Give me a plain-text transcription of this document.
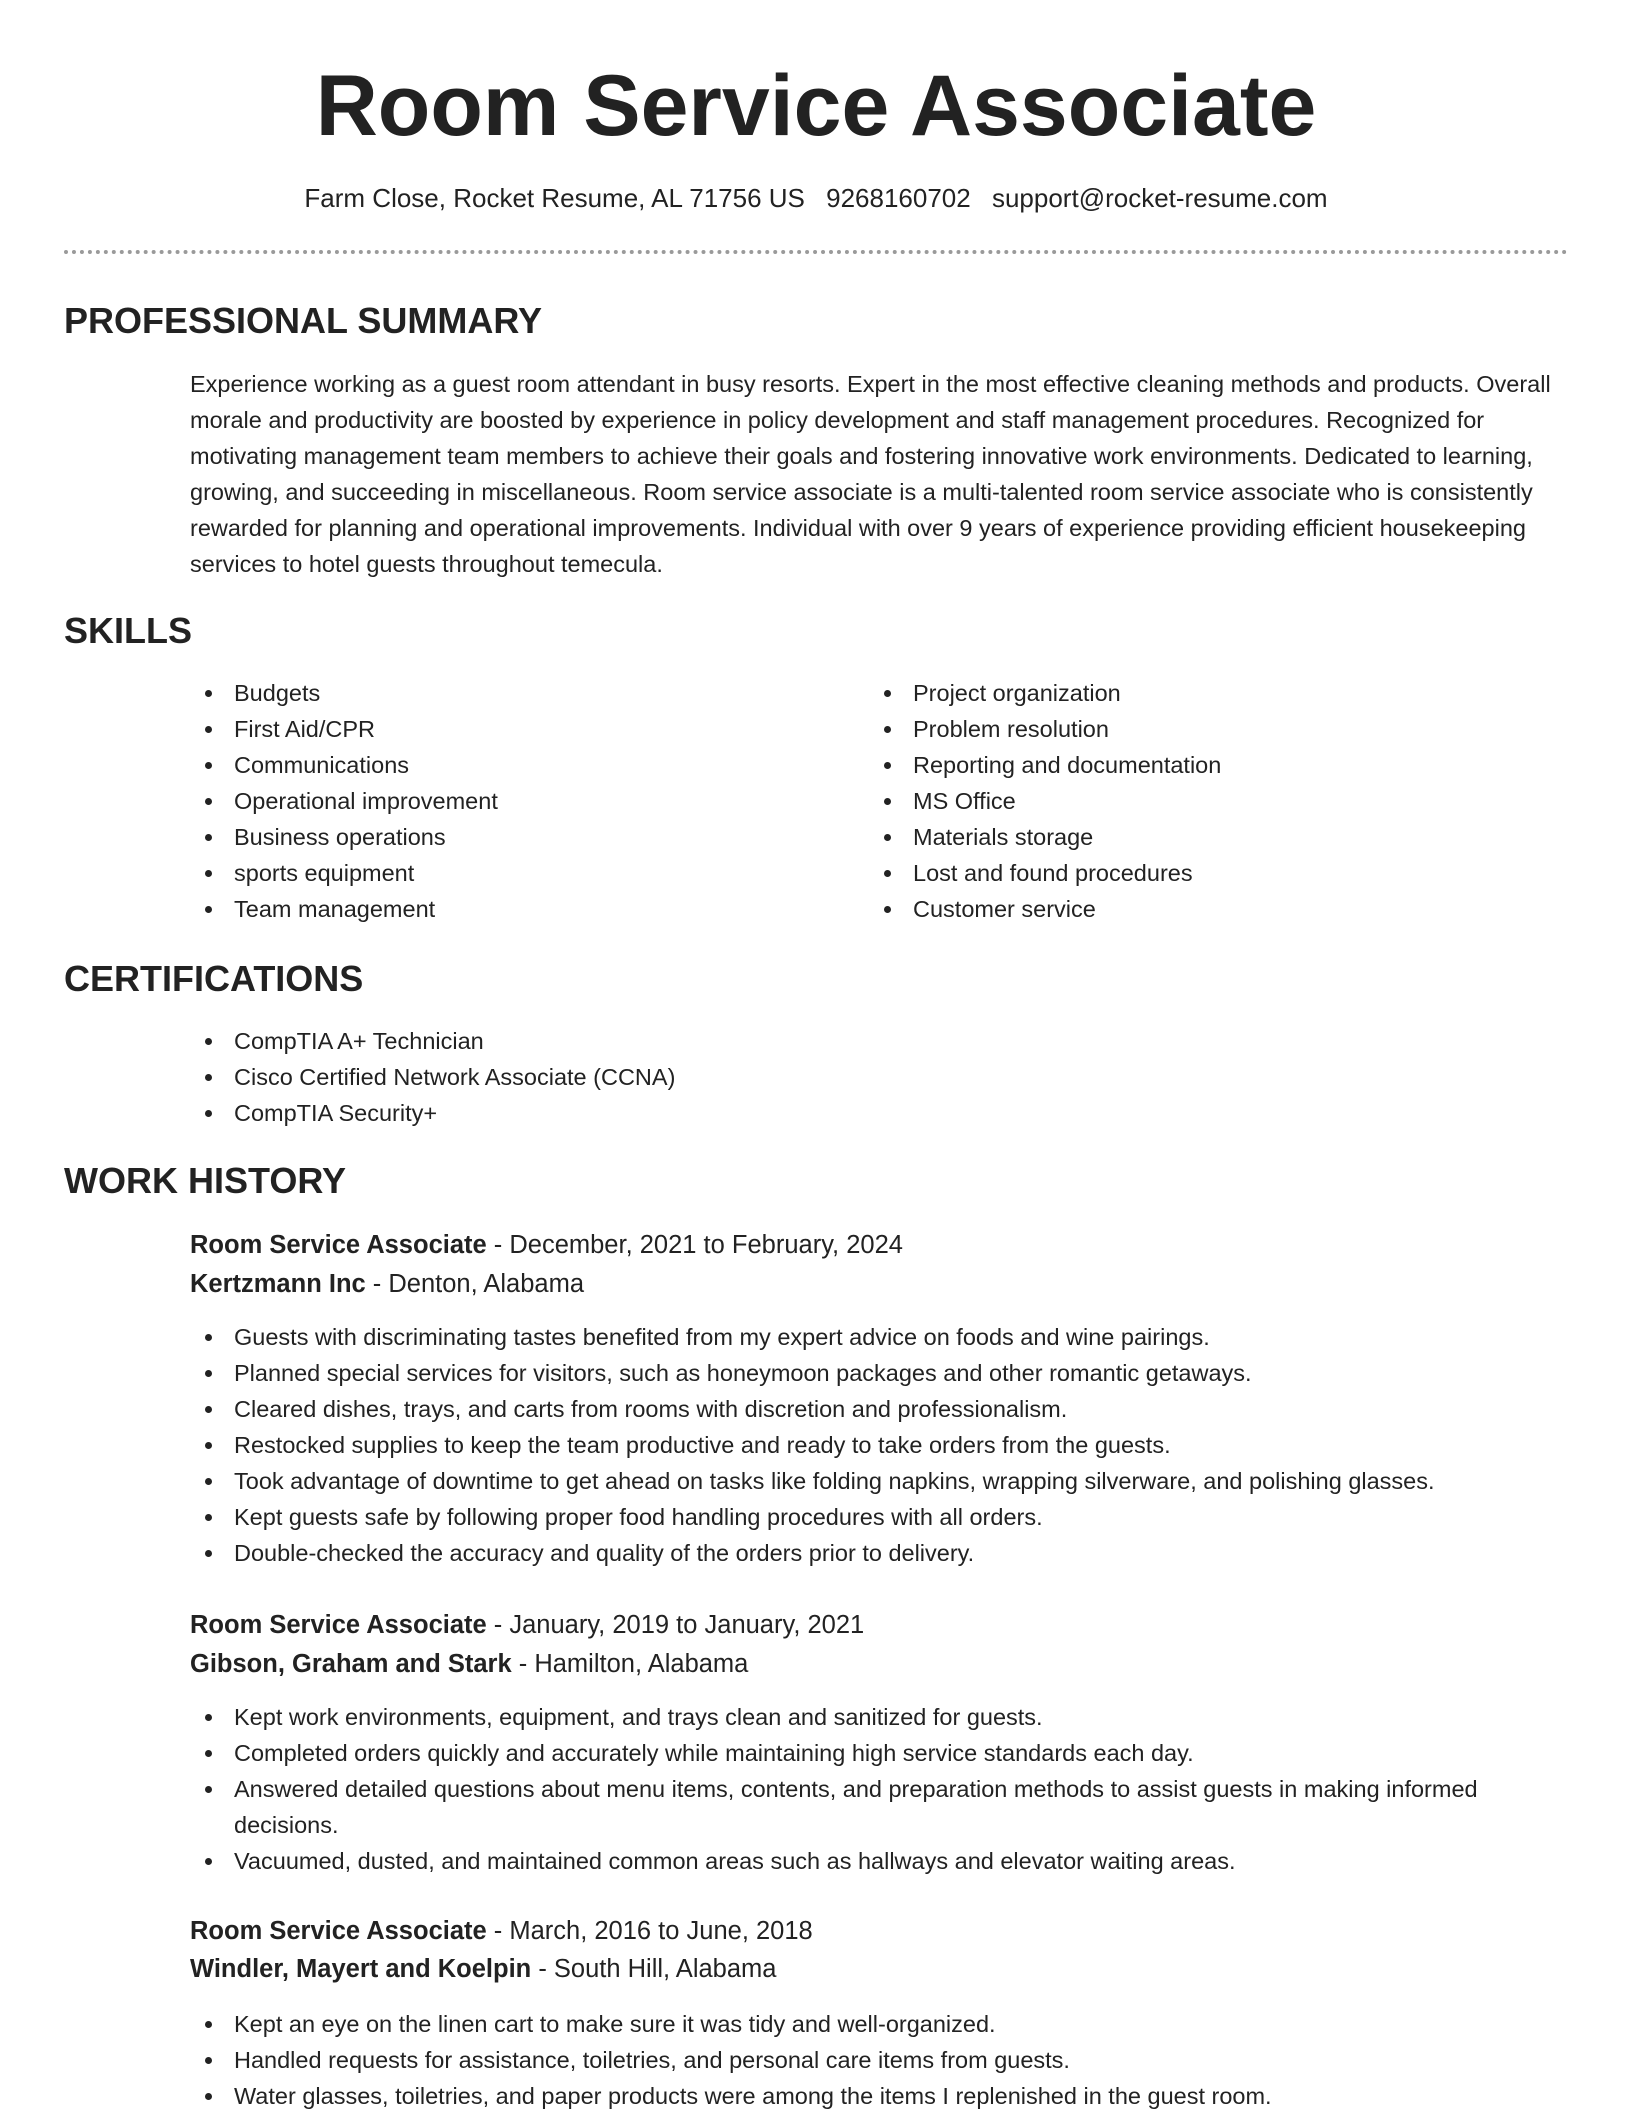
Room Service Associate
Farm Close, Rocket Resume, AL 71756 US 9268160702 support@rocket-resume.com
PROFESSIONAL SUMMARY

Experience working as a guest room attendant in busy resorts. Expert in the most effective cleaning methods and products. Overall morale and productivity are boosted by experience in policy development and staff management procedures. Recognized for motivating management team members to achieve their goals and fostering innovative work environments. Dedicated to learning, growing, and succeeding in miscellaneous. Room service associate is a multi-talented room service associate who is consistently rewarded for planning and operational improvements. Individual with over 9 years of experience providing efficient housekeeping services to hotel guests throughout temecula.

SKILLS
Budgets
First Aid/CPR
Communications
Operational improvement
Business operations
sports equipment
Team management
Project organization
Problem resolution
Reporting and documentation
MS Office
Materials storage
Lost and found procedures
Customer service
CERTIFICATIONS
CompTIA A+ Technician
Cisco Certified Network Associate (CCNA)
CompTIA Security+
WORK HISTORY
Room Service Associate - December, 2021 to February, 2024
Kertzmann Inc - Denton, Alabama
Guests with discriminating tastes benefited from my expert advice on foods and wine pairings.
Planned special services for visitors, such as honeymoon packages and other romantic getaways.
Cleared dishes, trays, and carts from rooms with discretion and professionalism.
Restocked supplies to keep the team productive and ready to take orders from the guests.
Took advantage of downtime to get ahead on tasks like folding napkins, wrapping silverware, and polishing glasses.
Kept guests safe by following proper food handling procedures with all orders.
Double-checked the accuracy and quality of the orders prior to delivery.
Room Service Associate - January, 2019 to January, 2021
Gibson, Graham and Stark - Hamilton, Alabama
Kept work environments, equipment, and trays clean and sanitized for guests.
Completed orders quickly and accurately while maintaining high service standards each day.
Answered detailed questions about menu items, contents, and preparation methods to assist guests in making informed decisions.
Vacuumed, dusted, and maintained common areas such as hallways and elevator waiting areas.
Room Service Associate - March, 2016 to June, 2018
Windler, Mayert and Koelpin - South Hill, Alabama
Kept an eye on the linen cart to make sure it was tidy and well-organized.
Handled requests for assistance, toiletries, and personal care items from guests.
Water glasses, toiletries, and paper products were among the items I replenished in the guest room.
